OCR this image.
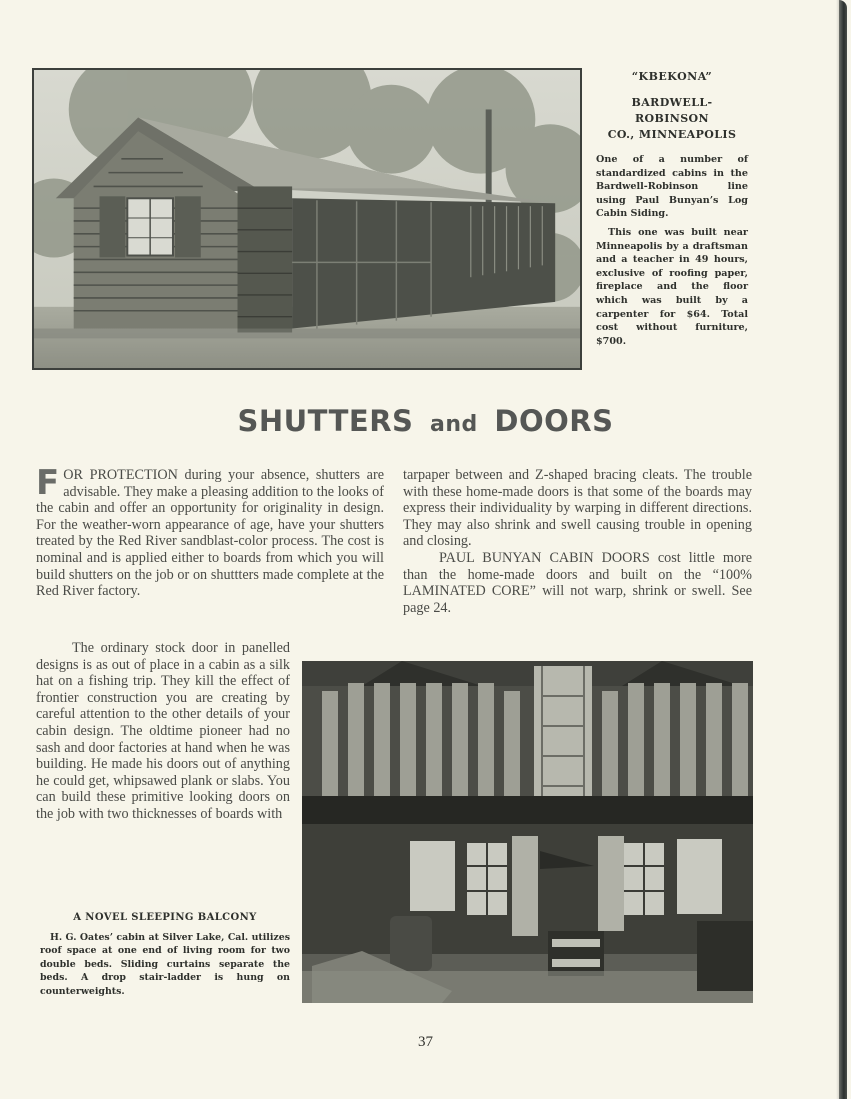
“KBEKONA”

BARDWELL-ROBINSON
CO., MINNEAPOLIS

One of a number of standardized cabins in the Bardwell-Robinson line using Paul Bunyan’s Log Cabin Siding.

This one was built near Minneapolis by a draftsman and a teacher in 49 hours, exclusive of roofing paper, fireplace and the floor which was built by a carpenter for $64. Total cost without furniture, $700.

SHUTTERS and DOORS

FOR PROTECTION during your absence, shutters are advisable. They make a pleasing addition to the looks of the cabin and offer an opportunity for originality in design. For the weather-worn appearance of age, have your shutters treated by the Red River sandblast-color process. The cost is nominal and is applied either to boards from which you will build shutters on the job or on shuttters made complete at the Red River factory.

tarpaper between and Z-shaped bracing cleats. The trouble with these home-made doors is that some of the boards may express their individuality by warping in different directions. They may also shrink and swell causing trouble in opening and closing.

PAUL BUNYAN CABIN DOORS cost little more than the home-made doors and built on the “100% LAMINATED CORE” will not warp, shrink or swell. See page 24.

The ordinary stock door in panelled designs is as out of place in a cabin as a silk hat on a fishing trip. They kill the effect of frontier construction you are creating by careful attention to the other details of your cabin design. The oldtime pioneer had no sash and door factories at hand when he was building. He made his doors out of anything he could get, whipsawed plank or slabs. You can build these primitive looking doors on the job with two thicknesses of boards with

A NOVEL SLEEPING BALCONY

H. G. Oates’ cabin at Silver Lake, Cal. utilizes roof space at one end of living room for two double beds. Sliding curtains separate the beds. A drop stair-ladder is hung on counterweights.

37
